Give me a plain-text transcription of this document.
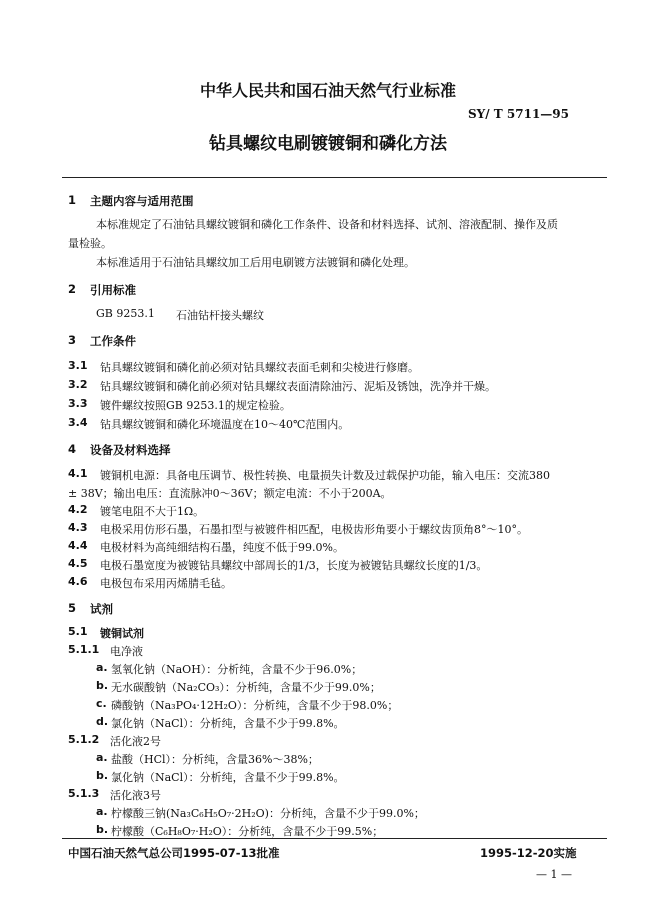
中华人民共和国石油天然气行业标准
SY/ T 5711—95
钻具螺纹电刷镀镀铜和磷化方法
1 主题内容与适用范围
本标准规定了石油钻具螺纹镀铜和磷化工作条件、设备和材料选择、试剂、溶液配制、操作及质
量检验。
本标准适用于石油钻具螺纹加工后用电刷镀方法镀铜和磷化处理。
2 引用标准
GB 9253.1 石油钻杆接头螺纹
3 工作条件
3.1 钻具螺纹镀铜和磷化前必须对钻具螺纹表面毛刺和尖棱进行修磨。
3.2 钻具螺纹镀铜和磷化前必须对钻具螺纹表面清除油污、泥垢及锈蚀，洗净并干燥。
3.3 镀件螺纹按照GB 9253.1的规定检验。
3.4 钻具螺纹镀铜和磷化环境温度在10～40℃范围内。
4 设备及材料选择
4.1 镀铜机电源：具备电压调节、极性转换、电量损失计数及过载保护功能，输入电压：交流380
± 38V；输出电压：直流脉冲0～36V；额定电流：不小于200A。
4.2 镀笔电阻不大于1Ω。
4.3 电极采用仿形石墨，石墨扣型与被镀件相匹配，电极齿形角要小于螺纹齿顶角8°～10°。
4.4 电极材料为高纯细结构石墨，纯度不低于99.0%。
4.5 电极石墨宽度为被镀钻具螺纹中部周长的1/3，长度为被镀钻具螺纹长度的1/3。
4.6 电极包布采用丙烯腈毛毡。
5 试剂
5.1 镀铜试剂
5.1.1 电净液
a. 氢氧化钠（NaOH）：分析纯，含量不少于96.0%；
b. 无水碳酸钠（Na₂CO₃）：分析纯，含量不少于99.0%；
c. 磷酸钠（Na₃PO₄·12H₂O）：分析纯，含量不少于98.0%；
d. 氯化钠（NaCl）：分析纯，含量不少于99.8%。
5.1.2 活化液2号
a. 盐酸（HCl）：分析纯，含量36%～38%；
b. 氯化钠（NaCl）：分析纯，含量不少于99.8%。
5.1.3 活化液3号
a. 柠檬酸三钠(Na₃C₆H₅O₇·2H₂O)：分析纯，含量不少于99.0%；
b. 柠檬酸（C₆H₈O₇·H₂O）：分析纯，含量不少于99.5%；
中国石油天然气总公司1995-07-13批准	1995-12-20实施
— 1 —
